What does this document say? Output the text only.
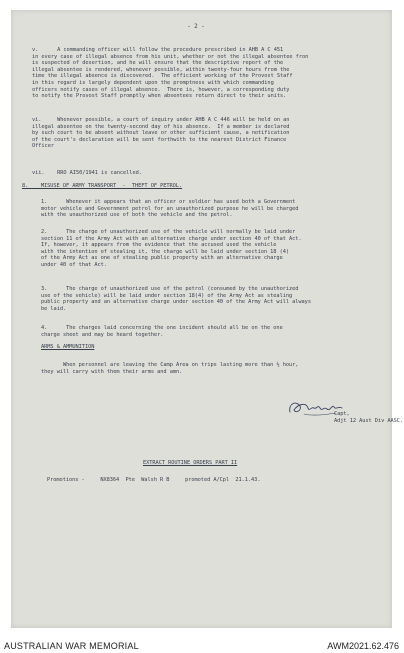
- 2 -
v.      A commanding officer will follow the procedure prescribed in AHB A C 451
in every case of illegal absence from his unit, whether or not the illegal absentee fron
is suspected of desertion, and he will ensure that the descriptive report of the
illegal absentee is rendered, whenever possible, within twenty-four hours from the
time the illegal absence is discovered.  The efficient working of the Provost Staff
in this regard is largely dependent upon the promptness with which commanding
officers notify cases of illegal absence.  There is, however, a corresponding duty
to notify the Provost Staff promptly when absentees return direct to their units.
vi.     Whenever possible, a court of inquiry under AHB A C 446 will be held on an
illegal absentee on the twenty-second day of his absence.  If a member is declared
by such court to be absent without leave or other sufficient cause, a notification
of the court's declaration will be sent forthwith to the nearest District Finance
Officer
vii.    RRO AI50/1941 is cancelled.
8.    MISUSE OF ARMY TRANSPORT  -  THEFT OF PETROL.
1.      Whenever it appears that an officer or soldier has used both a Government
motor vehicle and Government petrol for an unauthorized purpose he will be charged
with the unauthorized use of both the vehicle and the petrol.
2.      The charge of unauthorized use of the vehicle will normally be laid under
section 11 of the Army Act with an alternative charge under section 40 of that Act.
If, however, it appears from the evidence that the accused used the vehicle
with the intention of stealing it, the charge will be laid under section 18 (4)
of the Army Act as one of stealing public property with an alternative charge
under 40 of that Act.
3.      The charge of unauthorized use of the petrol (consumed by the unauthorized
use of the vehicle) will be laid under section 18(4) of the Army Act as stealing
public property and an alternative charge under section 40 of the Army Act will always
be laid.
4.      The charges laid concerning the one incident should all be on the one
charge sheet and may be heard together.
ARMS & AMMUNITION
When personnel are leaving the Camp Area on trips lasting more than ½ hour,
they will carry with them their arms and amn.
Capt,
Adjt 12 Aust Div AASC.
EXTRACT ROUTINE ORDERS PART II
Promotions -     NX8364  Pte  Walsh R B     promoted A/Cpl  21.1.43.
AUSTRALIAN WAR MEMORIAL	AWM2021.62.476
